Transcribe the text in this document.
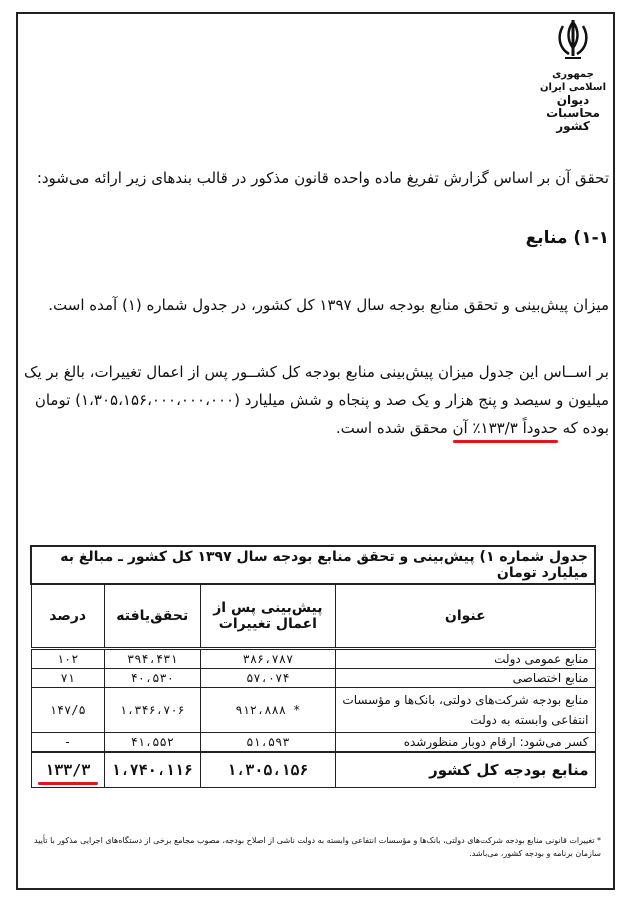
جمهوری اسلامی ایران
دیوان محاسبات کشور
تحقق آن بر اساس گزارش تفریغ ماده واحده قانون مذکور در قالب بندهای زیر ارائه می‌شود:
۱-۱) منابع
میزان پیش‌بینی و تحقق منابع بودجه سال ۱۳۹۷ کل کشور، در جدول شماره (۱) آمده است.
بر اســاس این جدول میزان پیش‌بینی منابع بودجه کل کشــور پس از اعمال تغییرات، بالغ بر یک
میلیون و سیصد و پنج هزار و یک صد و پنجاه و شش میلیارد (۱،۳۰۵،۱۵۶،۰۰۰،۰۰۰،۰۰۰) تومان
بوده که حدوداً ۱۳۳/۳٪ آن محقق شده است.
جدول شماره ۱) پیش‌بینی و تحقق منابع بودجه سال ۱۳۹۷ کل کشور ـ مبالغ به میلیارد تومان			
عنوان	پیش‌بینی پس از اعمال تغییرات	تحقق‌یافته	درصد
منابع عمومی دولت	۳۸۶،۷۸۷	۳۹۴،۴۳۱	۱۰۲
منابع اختصاصی	۵۷،۰۷۴	۴۰،۵۳۰	۷۱
منابع بودجه شرکت‌های دولتی، بانک‌ها و مؤسسات انتفاعی وابسته به دولت	* ۹۱۲،۸۸۸	۱،۳۴۶،۷۰۶	۱۴۷/۵
کسر می‌شود: ارقام دوبار منظورشده	۵۱،۵۹۳	۴۱،۵۵۲	-
منابع بودجه کل کشور	۱،۳۰۵،۱۵۶	۱،۷۴۰،۱۱۶	۱۳۳/۳
* تغییرات قانونی منابع بودجه شرکت‌های دولتی، بانک‌ها و مؤسسات انتفاعی وابسته به دولت ناشی از اصلاح بودجه، مصوب مجامع برخی از دستگاه‌های اجرایی مذکور با تأیید سازمان برنامه و بودجه کشور، می‌باشد.
